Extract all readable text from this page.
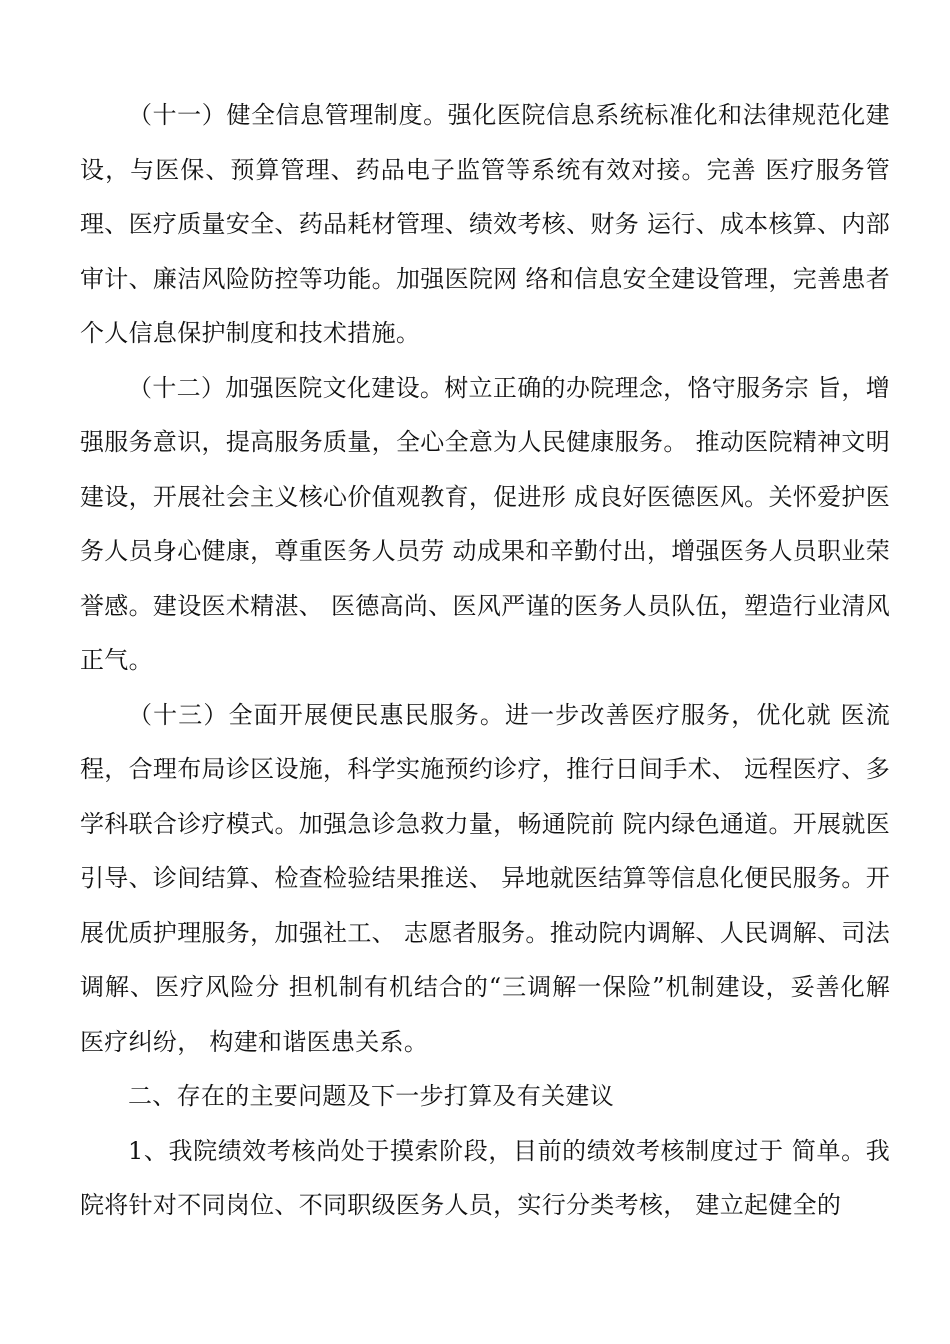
（十一）健全信息管理制度。强化医院信息系统标准化和法律规范化建设，与医保、预算管理、药品电子监管等系统有效对接。完善 医疗服务管理、医疗质量安全、药品耗材管理、绩效考核、财务 运行、成本核算、内部审计、廉洁风险防控等功能。加强医院网 络和信息安全建设管理，完善患者个人信息保护制度和技术措施。

（十二）加强医院文化建设。树立正确的办院理念，恪守服务宗 旨，增强服务意识，提高服务质量，全心全意为人民健康服务。 推动医院精神文明建设，开展社会主义核心价值观教育，促进形 成良好医德医风。关怀爱护医务人员身心健康，尊重医务人员劳 动成果和辛勤付出，增强医务人员职业荣誉感。建设医术精湛、 医德高尚、医风严谨的医务人员队伍，塑造行业清风正气。

（十三）全面开展便民惠民服务。进一步改善医疗服务，优化就 医流程，合理布局诊区设施，科学实施预约诊疗，推行日间手术、 远程医疗、多学科联合诊疗模式。加强急诊急救力量，畅通院前 院内绿色通道。开展就医引导、诊间结算、检查检验结果推送、 异地就医结算等信息化便民服务。开展优质护理服务，加强社工、 志愿者服务。推动院内调解、人民调解、司法调解、医疗风险分 担机制有机结合的“三调解一保险”机制建设，妥善化解医疗纠纷， 构建和谐医患关系。

二、存在的主要问题及下一步打算及有关建议

1、我院绩效考核尚处于摸索阶段，目前的绩效考核制度过于 简单。我院将针对不同岗位、不同职级医务人员，实行分类考核， 建立起健全的
